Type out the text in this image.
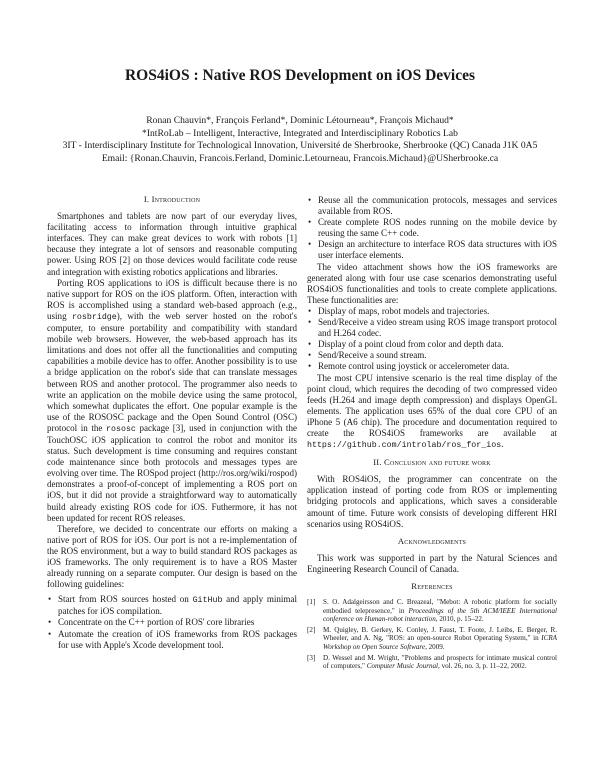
ROS4iOS : Native ROS Development on iOS Devices
Ronan Chauvin*, François Ferland*, Dominic Létourneau*, François Michaud*
*IntRoLab – Intelligent, Interactive, Integrated and Interdisciplinary Robotics Lab
3IT - Interdisciplinary Institute for Technological Innovation, Université de Sherbrooke, Sherbrooke (QC) Canada J1K 0A5
Email: {Ronan.Chauvin, Francois.Ferland, Dominic.Letourneau, Francois.Michaud}@USherbrooke.ca
I. Introduction

Smartphones and tablets are now part of our everyday lives, facilitating access to information through intuitive graphical interfaces. They can make great devices to work with robots [1] because they integrate a lot of sensors and reasonable computing power. Using ROS [2] on those devices would facilitate code reuse and integration with existing robotics applications and libraries.

Porting ROS applications to iOS is difficult because there is no native support for ROS on the iOS platform. Often, interaction with ROS is accomplished using a standard web-based approach (e.g., using rosbridge), with the web server hosted on the robot's computer, to ensure portability and compatibility with standard mobile web browsers. However, the web-based approach has its limitations and does not offer all the functionalities and computing capabilities a mobile device has to offer. Another possibility is to use a bridge application on the robot's side that can translate messages between ROS and another protocol. The programmer also needs to write an application on the mobile device using the same protocol, which somewhat duplicates the effort. One popular example is the use of the ROSOSC package and the Open Sound Control (OSC) protocol in the rososc package [3], used in conjunction with the TouchOSC iOS application to control the robot and monitor its status. Such development is time consuming and requires constant code maintenance since both protocols and messages types are evolving over time. The ROSpod project (http://ros.org/wiki/rospod) demonstrates a proof-of-concept of implementing a ROS port on iOS, but it did not provide a straightforward way to automatically build already existing ROS code for iOS. Futhermore, it has not been updated for recent ROS releases.

Therefore, we decided to concentrate our efforts on making a native port of ROS for iOS. Our port is not a re-implementation of the ROS environment, but a way to build standard ROS packages as iOS frameworks. The only requirement is to have a ROS Master already running on a separate computer. Our design is based on the following guidelines:

• Start from ROS sources hosted on GitHub and apply minimal patches for iOS compilation.
• Concentrate on the C++ portion of ROS' core libraries
• Automate the creation of iOS frameworks from ROS packages for use with Apple's Xcode development tool.
• Reuse all the communication protocols, messages and services available from ROS.
• Create complete ROS nodes running on the mobile device by reusing the same C++ code.
• Design an architecture to interface ROS data structures with iOS user interface elements.

The video attachment shows how the iOS frameworks are generated along with four use case scenarios demonstrating useful ROS4iOS functionalities and tools to create complete applications. These functionalities are:

• Display of maps, robot models and trajectories.
• Send/Receive a video stream using ROS image transport protocol and H.264 codec.
• Display of a point cloud from color and depth data.
• Send/Receive a sound stream.
• Remote control using joystick or accelerometer data.

The most CPU intensive scenario is the real time display of the point cloud, which requires the decoding of two compressed video feeds (H.264 and image depth compression) and displays OpenGL elements. The application uses 65% of the dual core CPU of an iPhone 5 (A6 chip). The procedure and documentation required to create the ROS4iOS frameworks are available at https://github.com/introlab/ros_for_ios.

II. Conclusion and future work

With ROS4iOS, the programmer can concentrate on the application instead of porting code from ROS or implementing bridging protocols and applications, which saves a considerable amount of time. Future work consists of developing different HRI scenarios using ROS4iOS.

Acknowledgments

This work was supported in part by the Natural Sciences and Engineering Research Council of Canada.

References
[1] S. O. Adalgeirsson and C. Breazeal, "Mebot: A robotic platform for socially embodied telepresence," in Proceedings of the 5th ACM/IEEE International conference on Human-robot interaction, 2010, p. 15–22.
[2] M. Quigley, B. Gerkey, K. Conley, J. Faust, T. Foote, J. Leibs, E. Berger, R. Wheeler, and A. Ng, "ROS: an open-source Robot Operating System," in ICRA Workshop on Open Source Software, 2009.
[3] D. Wessel and M. Wright, "Problems and prospects for intimate musical control of computers," Computer Music Journal, vol. 26, no. 3, p. 11–22, 2002.
